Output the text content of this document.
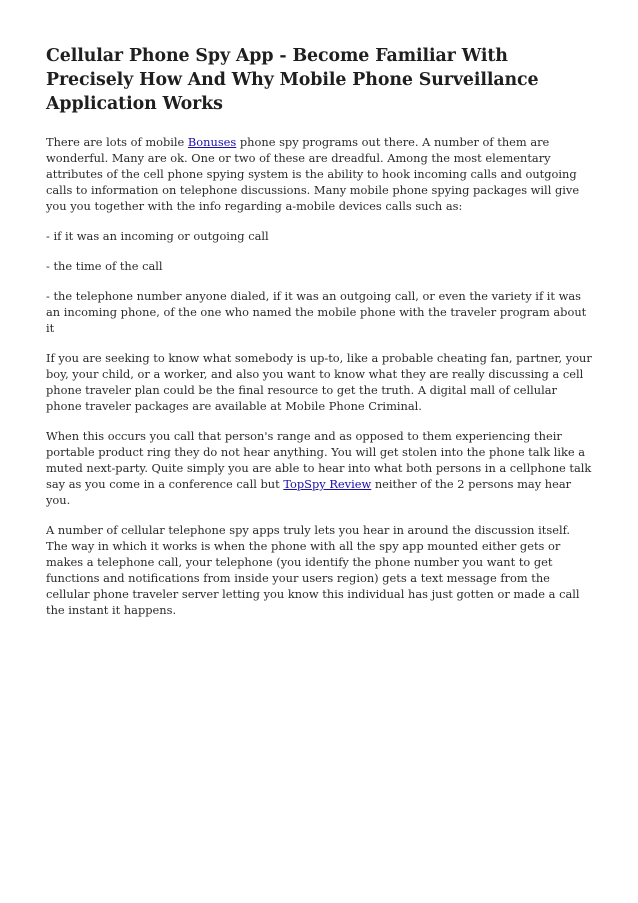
Cellular Phone Spy App - Become Familiar With Precisely How And Why Mobile Phone Surveillance Application Works

There are lots of mobile Bonuses phone spy programs out there. A number of them are wonderful. Many are ok. One or two of these are dreadful. Among the most elementary attributes of the cell phone spying system is the ability to hook incoming calls and outgoing calls to information on telephone discussions. Many mobile phone spying packages will give you you together with the info regarding a-mobile devices calls such as:

- if it was an incoming or outgoing call

- the time of the call

- the telephone number anyone dialed, if it was an outgoing call, or even the variety if it was an incoming phone, of the one who named the mobile phone with the traveler program about it

If you are seeking to know what somebody is up-to, like a probable cheating fan, partner, your boy, your child, or a worker, and also you want to know what they are really discussing a cell phone traveler plan could be the final resource to get the truth. A digital mall of cellular phone traveler packages are available at Mobile Phone Criminal.

When this occurs you call that person's range and as opposed to them experiencing their portable product ring they do not hear anything. You will get stolen into the phone talk like a muted next-party. Quite simply you are able to hear into what both persons in a cellphone talk say as you come in a conference call but TopSpy Review neither of the 2 persons may hear you.

A number of cellular telephone spy apps truly lets you hear in around the discussion itself. The way in which it works is when the phone with all the spy app mounted either gets or makes a telephone call, your telephone (you identify the phone number you want to get functions and notifications from inside your users region) gets a text message from the cellular phone traveler server letting you know this individual has just gotten or made a call the instant it happens.
